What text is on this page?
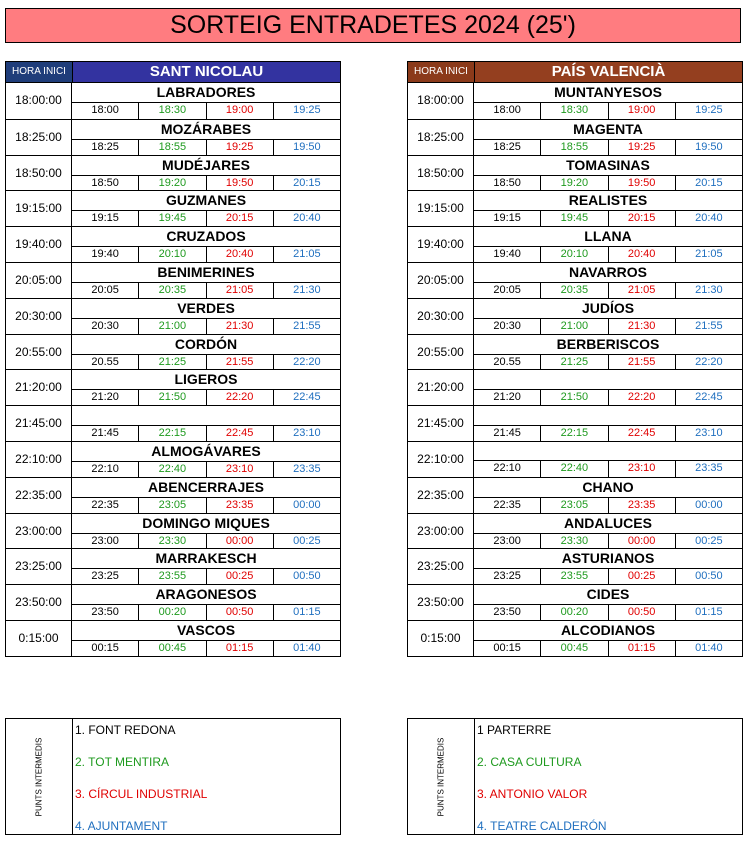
SORTEIG ENTRADETES 2024 (25')
HORA INICI	SANT NICOLAU
18:00:00	LABRADORES
18:00	18:30	19:00	19:25
18:25:00	MOZÁRABES
18:25	18:55	19:25	19:50
18:50:00	MUDÉJARES
18:50	19:20	19:50	20:15
19:15:00	GUZMANES
19:15	19:45	20:15	20:40
19:40:00	CRUZADOS
19:40	20:10	20:40	21:05
20:05:00	BENIMERINES
20:05	20:35	21:05	21:30
20:30:00	VERDES
20:30	21:00	21:30	21:55
20:55:00	CORDÓN
20.55	21:25	21:55	22:20
21:20:00	LIGEROS
21:20	21:50	22:20	22:45
21:45:00
21:45	22:15	22:45	23:10
22:10:00	ALMOGÁVARES
22:10	22:40	23:10	23:35
22:35:00	ABENCERRAJES
22:35	23:05	23:35	00:00
23:00:00	DOMINGO MIQUES
23:00	23:30	00:00	00:25
23:25:00	MARRAKESCH
23:25	23:55	00:25	00:50
23:50:00	ARAGONESOS
23:50	00:20	00:50	01:15
0:15:00	VASCOS
00:15	00:45	01:15	01:40
HORA INICI	PAÍS VALENCIÀ
18:00:00	MUNTANYESOS
18:00	18:30	19:00	19:25
18:25:00	MAGENTA
18:25	18:55	19:25	19:50
18:50:00	TOMASINAS
18:50	19:20	19:50	20:15
19:15:00	REALISTES
19:15	19:45	20:15	20:40
19:40:00	LLANA
19:40	20:10	20:40	21:05
20:05:00	NAVARROS
20:05	20:35	21:05	21:30
20:30:00	JUDÍOS
20:30	21:00	21:30	21:55
20:55:00	BERBERISCOS
20.55	21:25	21:55	22:20
21:20:00
21:20	21:50	22:20	22:45
21:45:00
21:45	22:15	22:45	23:10
22:10:00
22:10	22:40	23:10	23:35
22:35:00	CHANO
22:35	23:05	23:35	00:00
23:00:00	ANDALUCES
23:00	23:30	00:00	00:25
23:25:00	ASTURIANOS
23:25	23:55	00:25	00:50
23:50:00	CIDES
23:50	00:20	00:50	01:15
0:15:00	ALCODIANOS
00:15	00:45	01:15	01:40
PUNTS INTERMEDIS
1. FONT REDONA
2. TOT MENTIRA
3. CÍRCUL INDUSTRIAL
4. AJUNTAMENT
PUNTS INTERMEDIS
1 PARTERRE
2. CASA CULTURA
3. ANTONIO VALOR
4. TEATRE CALDERÓN
